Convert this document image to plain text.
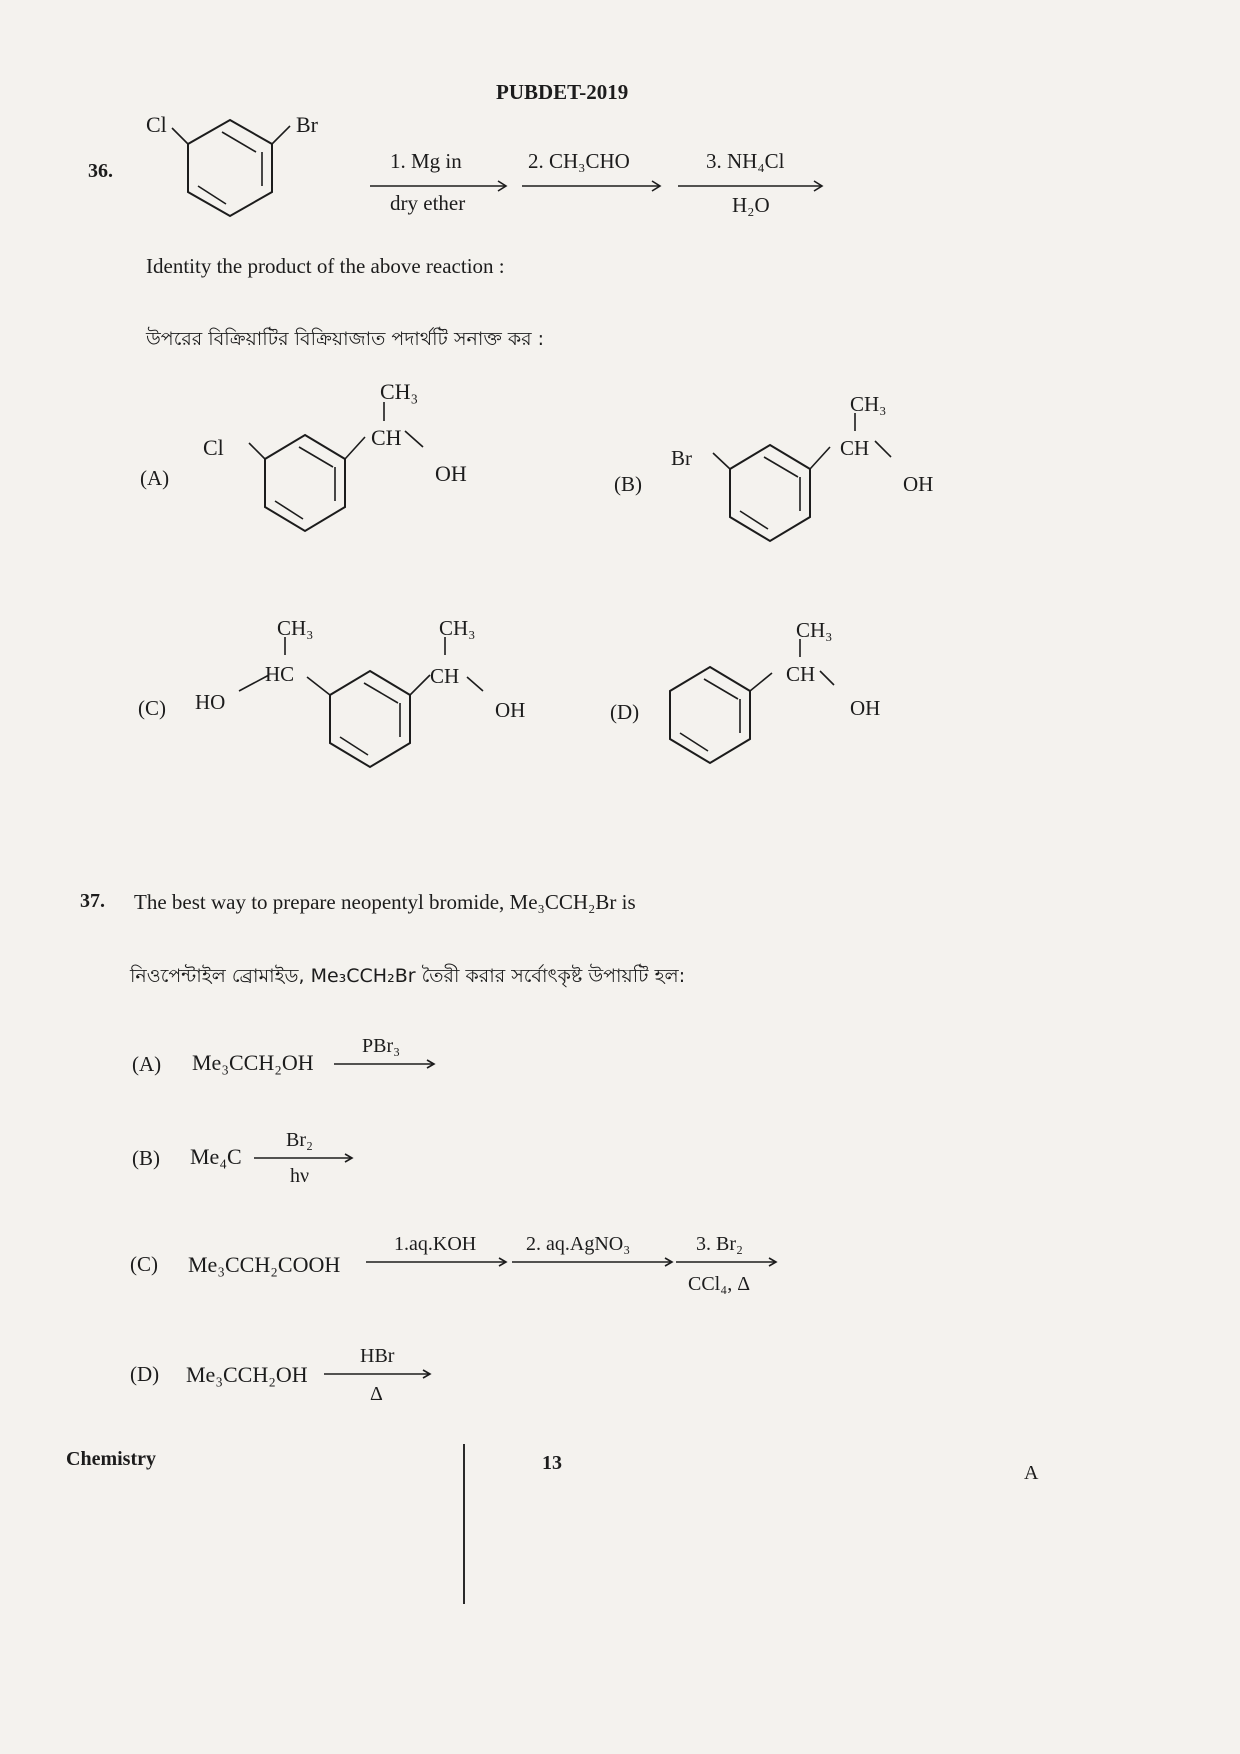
PUBDET-2019
36.
Cl	Br
1. Mg in
dry ether
2. CH₃CHO	3. NH₄Cl
H₂O
Identity the product of the above reaction :
উপরের বিক্রিয়াটির বিক্রিয়াজাত পদার্থটি সনাক্ত কর :
(A)
Cl
CH₃
CH
OH	(B)
Br
CH₃
CH
OH
(C) HO
HC
CH₃	CH₃
CH
OH	(D)
CH₃
CH
OH
37. The best way to prepare neopentyl bromide, Me₃CCH₂Br is
নিওপেন্টাইল ব্রোমাইড, Me₃CCH₂Br তৈরী করার সর্বোৎকৃষ্ট উপায়টি হল:
(A) Me₃CCH₂OH
PBr₃
(B) Me₄C
Br₂
hν
(C) Me₃CCH₂COOH
1.aq.KOH 2. aq.AgNO₃	3. Br₂
CCl₄, Δ
(D) Me₃CCH₂OH
HBr
Δ
Chemistry	13	A
